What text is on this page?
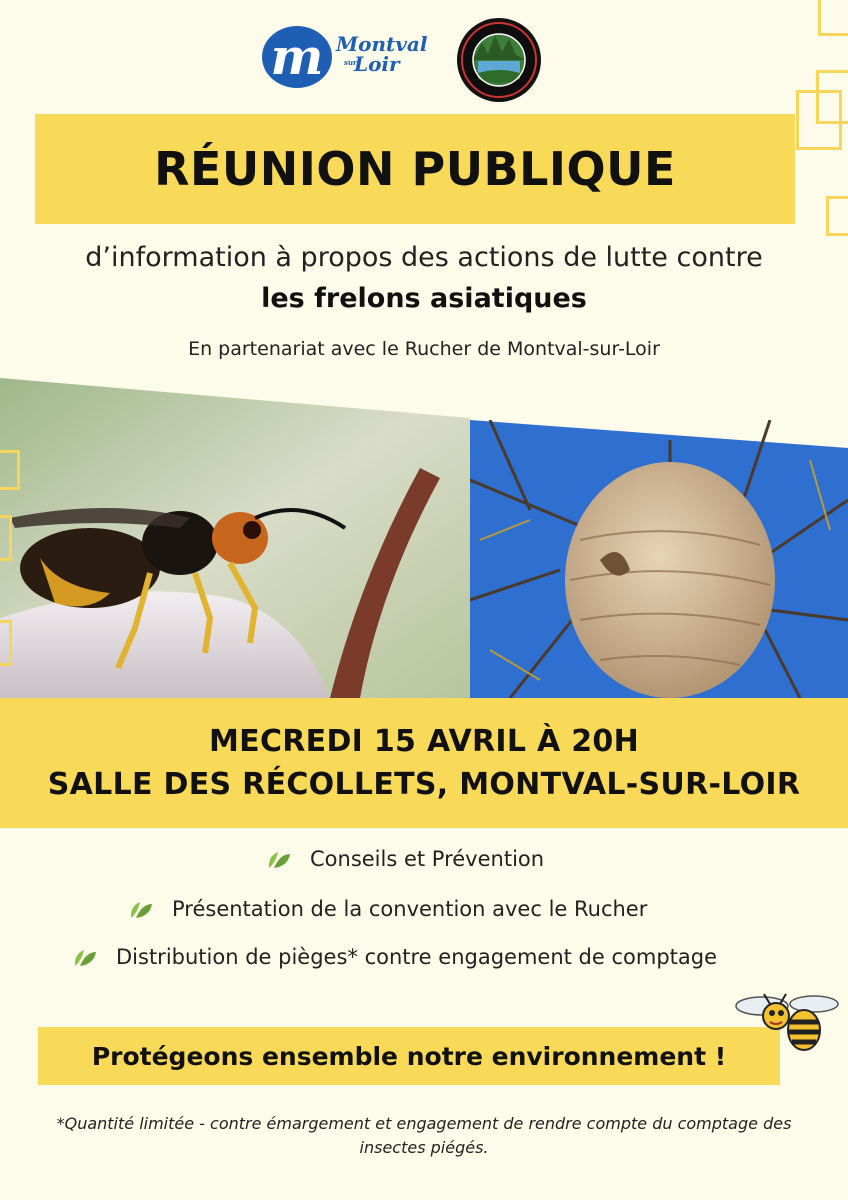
m Montval
sur
Loir
RÉUNION PUBLIQUE
d’information à propos des actions de lutte contre
les frelons asiatiques
En partenariat avec le Rucher de Montval-sur-Loir
MECREDI 15 AVRIL À 20H
SALLE DES RÉCOLLETS, MONTVAL-SUR-LOIR
Conseils et Prévention
Présentation de la convention avec le Rucher
Distribution de pièges* contre engagement de comptage
Protégeons ensemble notre environnement !
*Quantité limitée - contre émargement et engagement de rendre compte du comptage des insectes piégés.
